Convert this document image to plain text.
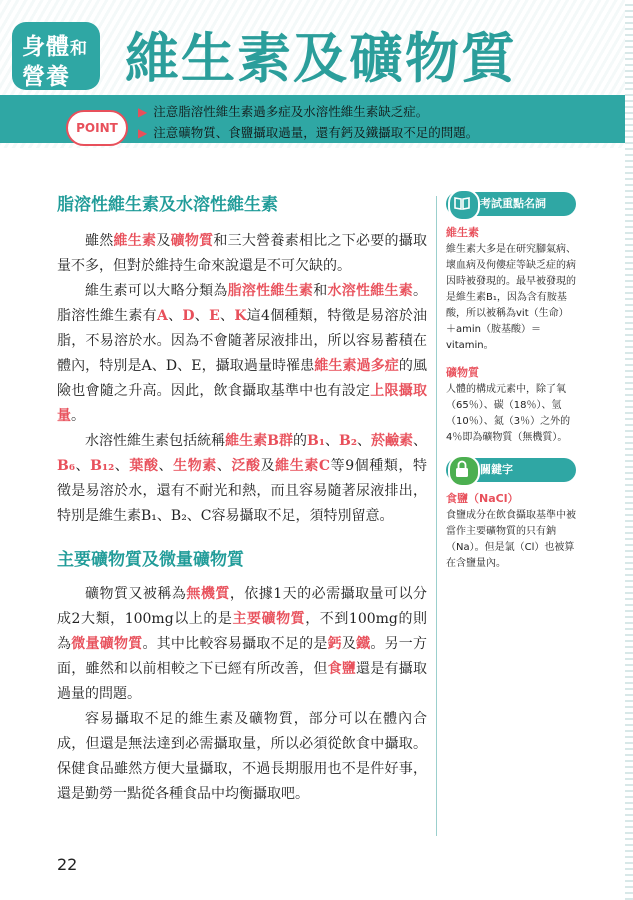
身體和
營養 維生素及礦物質
POINT
▶ 注意脂溶性維生素過多症及水溶性維生素缺乏症。
▶ 注意礦物質、食鹽攝取過量，還有鈣及鐵攝取不足的問題。
脂溶性維生素及水溶性維生素

雖然維生素及礦物質和三大營養素相比之下必要的攝取量不多，但對於維持生命來說還是不可欠缺的。

維生素可以大略分類為脂溶性維生素和水溶性維生素。脂溶性維生素有A、D、E、K這4個種類，特徵是易溶於油脂，不易溶於水。因為不會隨著尿液排出，所以容易蓄積在體內，特別是A、D、E，攝取過量時罹患維生素過多症的風險也會隨之升高。因此，飲食攝取基準中也有設定上限攝取量。

水溶性維生素包括統稱維生素B群的B₁、B₂、菸鹼素、B₆、B₁₂、葉酸、生物素、泛酸及維生素C等9個種類，特徵是易溶於水，還有不耐光和熱，而且容易隨著尿液排出，特別是維生素B₁、B₂、C容易攝取不足，須特別留意。

主要礦物質及微量礦物質

礦物質又被稱為無機質，依據1天的必需攝取量可以分成2大類，100mg以上的是主要礦物質，不到100mg的則為微量礦物質。其中比較容易攝取不足的是鈣及鐵。另一方面，雖然和以前相較之下已經有所改善，但食鹽還是有攝取過量的問題。

容易攝取不足的維生素及礦物質，部分可以在體內合成，但還是無法達到必需攝取量，所以必須從飲食中攝取。保健食品雖然方便大量攝取，不過長期服用也不是件好事，還是勤勞一點從各種食品中均衡攝取吧。

考試重點名詞
維生素
維生素大多是在研究腳氣病、壞血病及佝僂症等缺乏症的病因時被發現的。最早被發現的是維生素B₁，因為含有胺基酸，所以被稱為vit（生命）＋amin（胺基酸）＝vitamin。
礦物質
人體的構成元素中，除了氧（65％）、碳（18％）、氫（10％）、氮（3％）之外的4％即為礦物質（無機質）。
關鍵字
食鹽（NaCl）
食鹽成分在飲食攝取基準中被當作主要礦物質的只有鈉（Na）。但是氯（Cl）也被算在含鹽量內。
22
